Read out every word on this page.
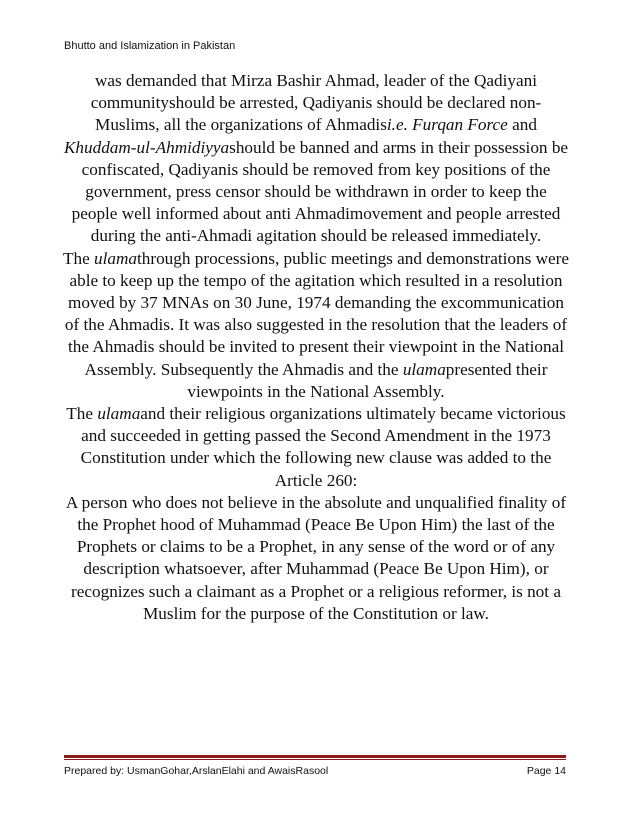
Bhutto and Islamization in Pakistan

was demanded that Mirza Bashir Ahmad, leader of the Qadiyani communityshould be arrested, Qadiyanis should be declared non-Muslims, all the organizations of Ahmadisi.e. Furqan Force and Khuddam-ul-Ahmidiyyashould be banned and arms in their possession be confiscated, Qadiyanis should be removed from key positions of the government, press censor should be withdrawn in order to keep the people well informed about anti Ahmadimovement and people arrested during the anti-Ahmadi agitation should be released immediately.

The ulamathrough processions, public meetings and demonstrations were able to keep up the tempo of the agitation which resulted in a resolution moved by 37 MNAs on 30 June, 1974 demanding the excommunication of the Ahmadis. It was also suggested in the resolution that the leaders of the Ahmadis should be invited to present their viewpoint in the National Assembly. Subsequently the Ahmadis and the ulamapresented their viewpoints in the National Assembly.

The ulamaand their religious organizations ultimately became victorious and succeeded in getting passed the Second Amendment in the 1973 Constitution under which the following new clause was added to the Article 260:

A person who does not believe in the absolute and unqualified finality of the Prophet hood of Muhammad (Peace Be Upon Him) the last of the Prophets or claims to be a Prophet, in any sense of the word or of any description whatsoever, after Muhammad (Peace Be Upon Him), or recognizes such a claimant as a Prophet or a religious reformer, is not a Muslim for the purpose of the Constitution or law.

Prepared by: UsmanGohar,ArslanElahi and AwaisRasool	Page 14
